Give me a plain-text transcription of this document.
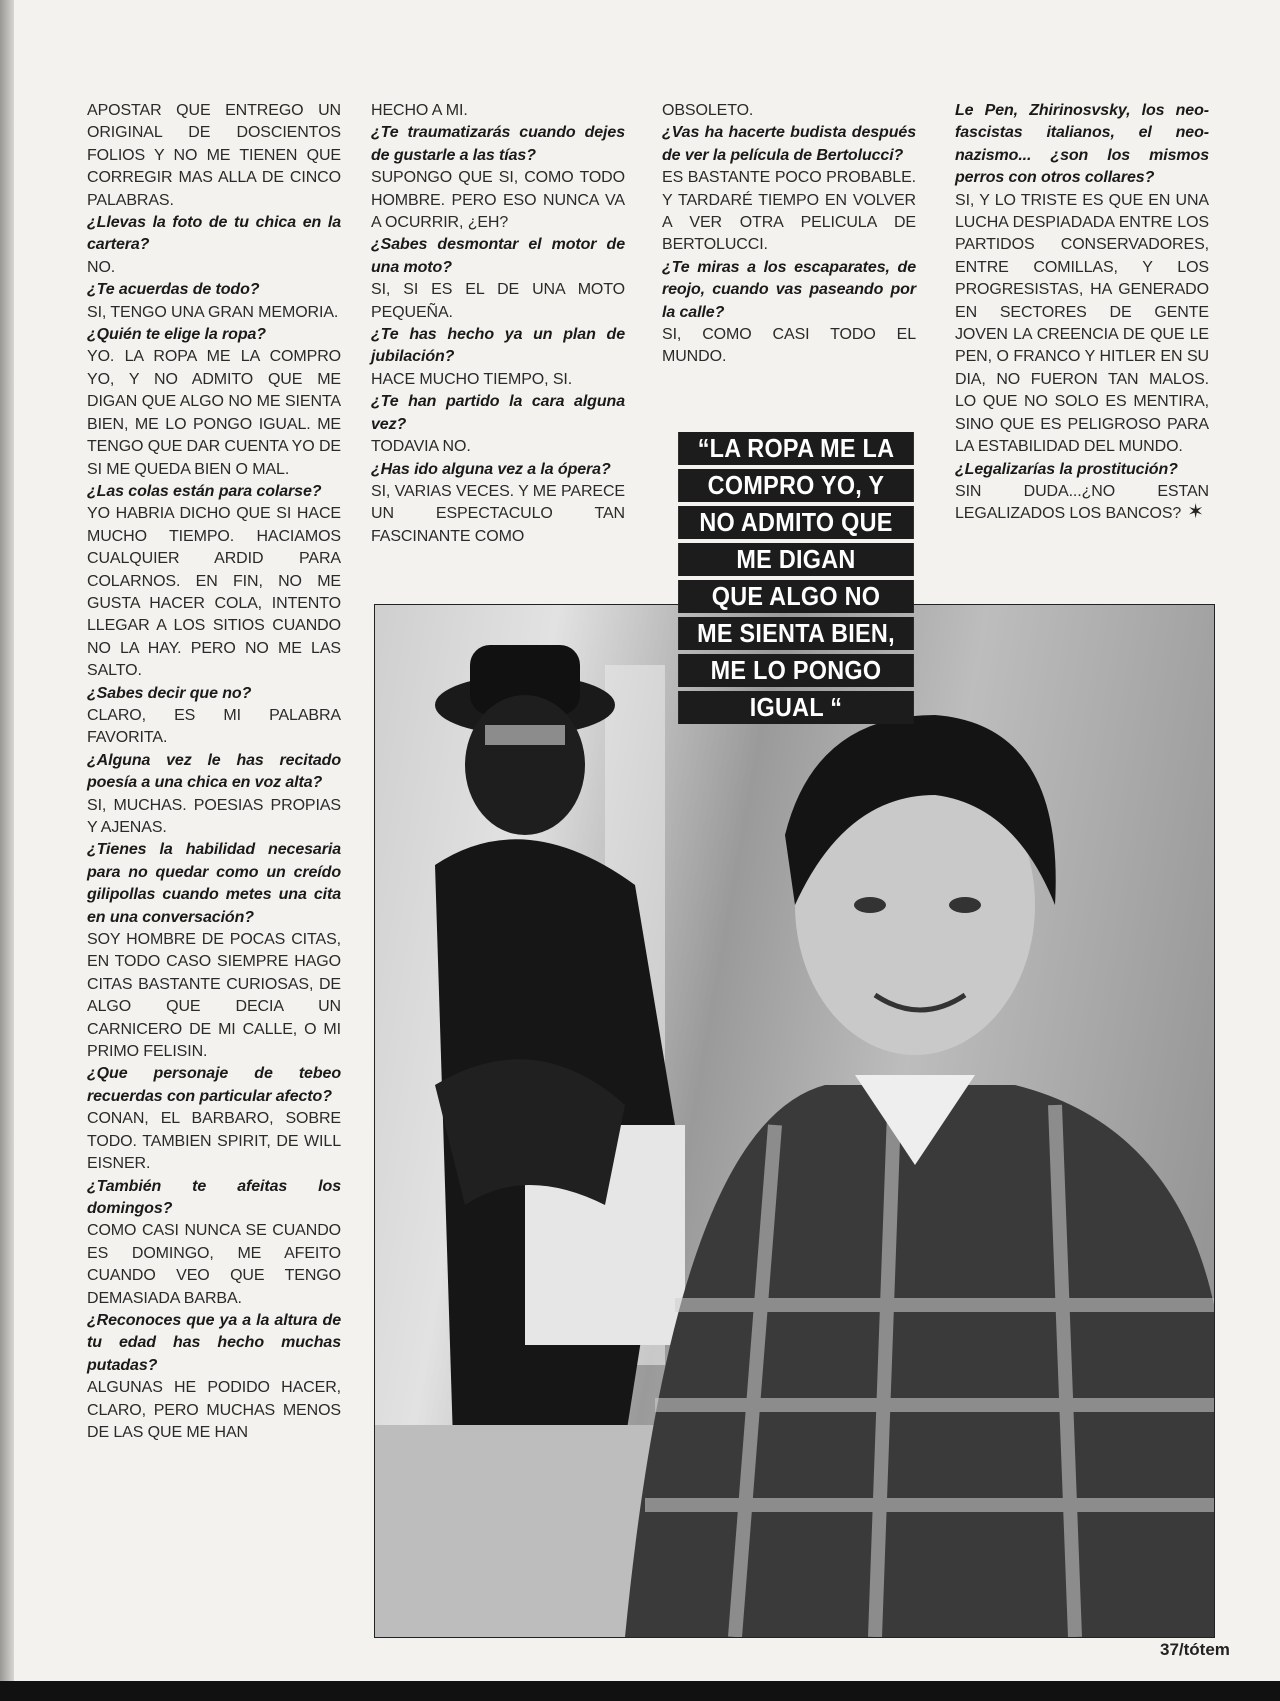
APOSTAR QUE ENTREGO UN ORIGINAL DE DOSCIENTOS FOLIOS Y NO ME TIENEN QUE CORREGIR MAS ALLA DE CINCO PALABRAS.

¿Llevas la foto de tu chica en la cartera?

NO.

¿Te acuerdas de todo?

SI, TENGO UNA GRAN MEMORIA.

¿Quién te elige la ropa?

YO. LA ROPA ME LA COMPRO YO, Y NO ADMITO QUE ME DIGAN QUE ALGO NO ME SIENTA BIEN, ME LO PONGO IGUAL. ME TENGO QUE DAR CUENTA YO DE SI ME QUEDA BIEN O MAL.

¿Las colas están para colarse?

YO HABRIA DICHO QUE SI HACE MUCHO TIEMPO. HACIAMOS CUALQUIER ARDID PARA COLARNOS. EN FIN, NO ME GUSTA HACER COLA, INTENTO LLEGAR A LOS SITIOS CUANDO NO LA HAY. PERO NO ME LAS SALTO.

¿Sabes decir que no?

CLARO, ES MI PALABRA FAVORITA.

¿Alguna vez le has recitado poesía a una chica en voz alta?

SI, MUCHAS. POESIAS PROPIAS Y AJENAS.

¿Tienes la habilidad necesaria para no quedar como un creído gilipollas cuando metes una cita en una conversación?

SOY HOMBRE DE POCAS CITAS, EN TODO CASO SIEMPRE HAGO CITAS BASTANTE CURIOSAS, DE ALGO QUE DECIA UN CARNICERO DE MI CALLE, O MI PRIMO FELISIN.

¿Que personaje de tebeo recuerdas con particular afecto?

CONAN, EL BARBARO, SOBRE TODO. TAMBIEN SPIRIT, DE WILL EISNER.

¿También te afeitas los domingos?

COMO CASI NUNCA SE CUANDO ES DOMINGO, ME AFEITO CUANDO VEO QUE TENGO DEMASIADA BARBA.

¿Reconoces que ya a la altura de tu edad has hecho muchas putadas?

ALGUNAS HE PODIDO HACER, CLARO, PERO MUCHAS MENOS DE LAS QUE ME HAN

HECHO A MI.

¿Te traumatizarás cuando dejes de gustarle a las tías?

SUPONGO QUE SI, COMO TODO HOMBRE. PERO ESO NUNCA VA A OCURRIR, ¿EH?

¿Sabes desmontar el motor de una moto?

SI, SI ES EL DE UNA MOTO PEQUEÑA.

¿Te has hecho ya un plan de jubilación?

HACE MUCHO TIEMPO, SI.

¿Te han partido la cara alguna vez?

TODAVIA NO.

¿Has ido alguna vez a la ópera?

SI, VARIAS VECES. Y ME PARECE UN ESPECTACULO TAN FASCINANTE COMO

OBSOLETO.

¿Vas ha hacerte budista después de ver la película de Bertolucci?

ES BASTANTE POCO PROBABLE. Y TARDARÉ TIEMPO EN VOLVER A VER OTRA PELICULA DE BERTOLUCCI.

¿Te miras a los escaparates, de reojo, cuando vas paseando por la calle?

SI, COMO CASI TODO EL MUNDO.

Le Pen, Zhirinosvsky, los neo-fascistas italianos, el neo-nazismo... ¿son los mismos perros con otros collares?

SI, Y LO TRISTE ES QUE EN UNA LUCHA DESPIADADA ENTRE LOS PARTIDOS CONSERVADORES, ENTRE COMILLAS, Y LOS PROGRESISTAS, HA GENERADO EN SECTORES DE GENTE JOVEN LA CREENCIA DE QUE LE PEN, O FRANCO Y HITLER EN SU DIA, NO FUERON TAN MALOS. LO QUE NO SOLO ES MENTIRA, SINO QUE ES PELIGROSO PARA LA ESTABILIDAD DEL MUNDO.

¿Legalizarías la prostitución?

SIN DUDA...¿NO ESTAN LEGALIZADOS LOS BANCOS? ✶

“LA ROPA ME LA
COMPRO YO, Y
NO ADMITO QUE
ME DIGAN
QUE ALGO NO
ME SIENTA BIEN,
ME LO PONGO
IGUAL “
37/tótem
